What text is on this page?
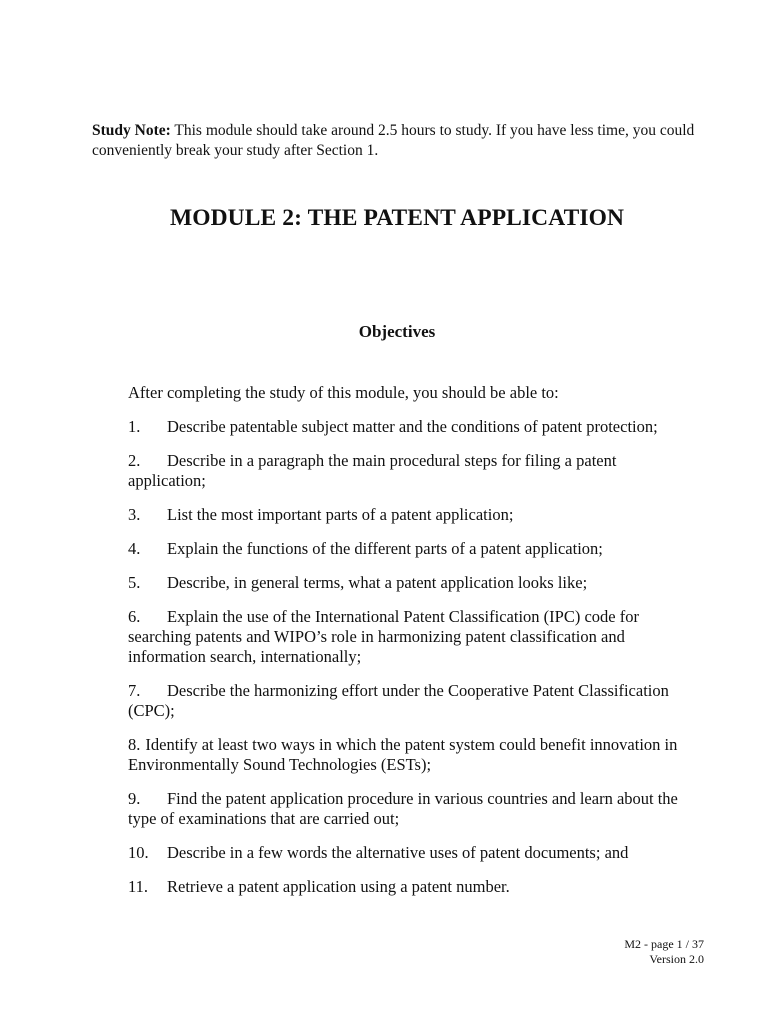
Study Note: This module should take around 2.5 hours to study. If you have less time, you could conveniently break your study after Section 1.

MODULE 2: THE PATENT APPLICATION
Objectives

After completing the study of this module, you should be able to:

1. Describe patentable subject matter and the conditions of patent protection;
2. Describe in a paragraph the main procedural steps for filing a patent application;
3. List the most important parts of a patent application;
4. Explain the functions of the different parts of a patent application;
5. Describe, in general terms, what a patent application looks like;
6. Explain the use of the International Patent Classification (IPC) code for searching patents and WIPO’s role in harmonizing patent classification and information search, internationally;
7. Describe the harmonizing effort under the Cooperative Patent Classification (CPC);
8. Identify at least two ways in which the patent system could benefit innovation in Environmentally Sound Technologies (ESTs);
9. Find the patent application procedure in various countries and learn about the type of examinations that are carried out;
10. Describe in a few words the alternative uses of patent documents; and
11. Retrieve a patent application using a patent number.
M2 - page 1 / 37
Version 2.0
